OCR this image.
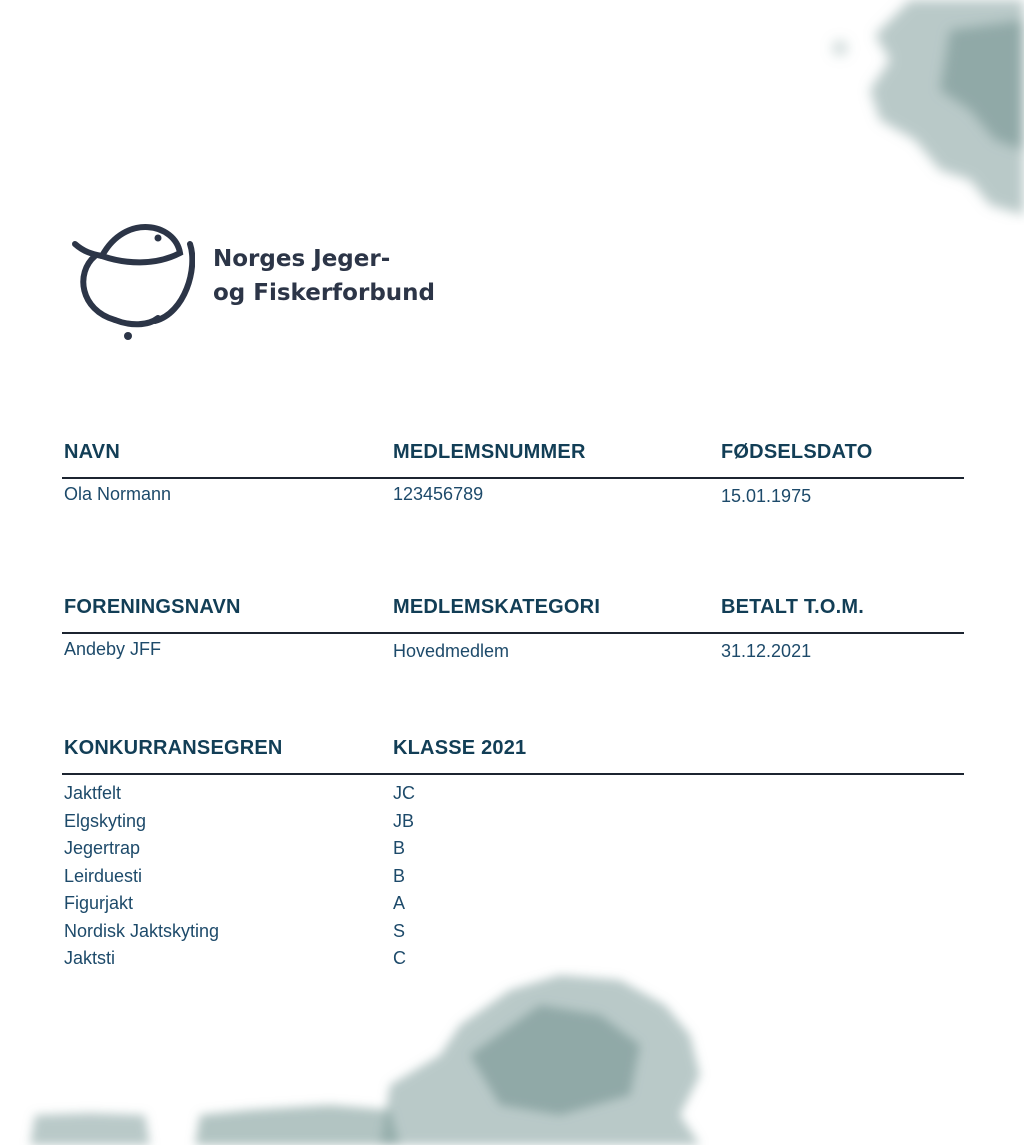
Norges Jeger-
og Fiskerforbund
NAVN	MEDLEMSNUMMER	FØDSELSDATO
Ola Normann	123456789	15.01.1975
FORENINGSNAVN	MEDLEMSKATEGORI	BETALT T.O.M.
Andeby JFF	Hovedmedlem	31.12.2021
KONKURRANSEGREN	KLASSE 2021
Jaktfelt	JC
Elgskyting	JB
Jegertrap	B
Leirduesti	B
Figurjakt	A
Nordisk Jaktskyting	S
Jaktsti	C
